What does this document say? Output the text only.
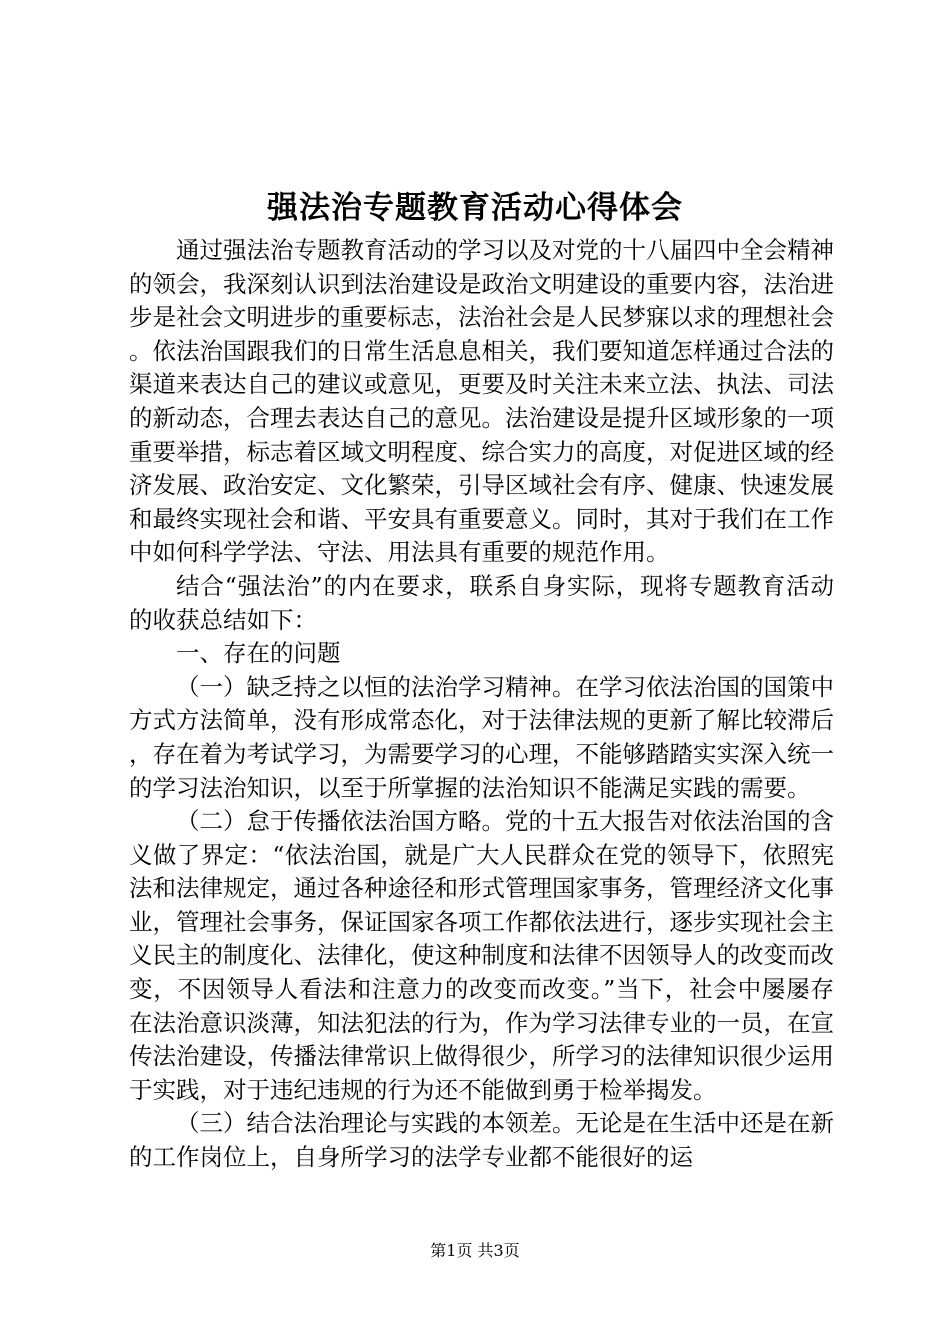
强法治专题教育活动心得体会

通过强法治专题教育活动的学习以及对党的十八届四中全会精神的领会，我深刻认识到法治建设是政治文明建设的重要内容，法治进步是社会文明进步的重要标志，法治社会是人民梦寐以求的理想社会。依法治国跟我们的日常生活息息相关，我们要知道怎样通过合法的渠道来表达自己的建议或意见，更要及时关注未来立法、执法、司法的新动态，合理去表达自己的意见。法治建设是提升区域形象的一项重要举措，标志着区域文明程度、综合实力的高度，对促进区域的经济发展、政治安定、文化繁荣，引导区域社会有序、健康、快速发展和最终实现社会和谐、平安具有重要意义。同时，其对于我们在工作中如何科学学法、守法、用法具有重要的规范作用。

结合“强法治”的内在要求，联系自身实际，现将专题教育活动的收获总结如下：

一、存在的问题

（一）缺乏持之以恒的法治学习精神。在学习依法治国的国策中方式方法简单，没有形成常态化，对于法律法规的更新了解比较滞后，存在着为考试学习，为需要学习的心理，不能够踏踏实实深入统一的学习法治知识，以至于所掌握的法治知识不能满足实践的需要。

（二）怠于传播依法治国方略。党的十五大报告对依法治国的含义做了界定：“依法治国，就是广大人民群众在党的领导下，依照宪法和法律规定，通过各种途径和形式管理国家事务，管理经济文化事业，管理社会事务，保证国家各项工作都依法进行，逐步实现社会主义民主的制度化、法律化，使这种制度和法律不因领导人的改变而改变，不因领导人看法和注意力的改变而改变。”当下，社会中屡屡存在法治意识淡薄，知法犯法的行为，作为学习法律专业的一员，在宣传法治建设，传播法律常识上做得很少，所学习的法律知识很少运用于实践，对于违纪违规的行为还不能做到勇于检举揭发。

（三）结合法治理论与实践的本领差。无论是在生活中还是在新的工作岗位上，自身所学习的法学专业都不能很好的运

第1页 共3页
